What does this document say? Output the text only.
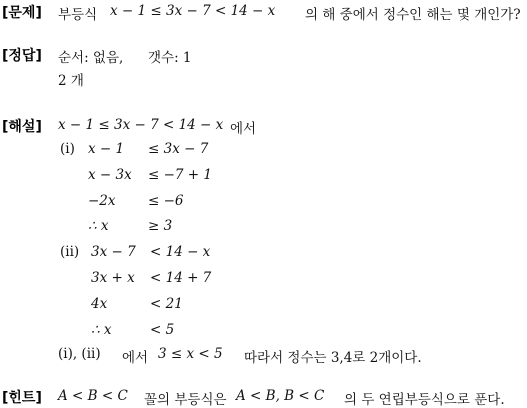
[문제] 부등식 x − 1 ≤ 3x − 7 < 14 − x 의 해 중에서 정수인 해는 몇 개인가?
[정답] 순서: 없음, 갯수: 1
2 개
[해설] x − 1 ≤ 3x − 7 < 14 − x 에서
(i) x − 1 ≤ 3x − 7
x − 3x ≤ −7 + 1
−2x ≤ −6
∴ x	≥ 3
(ii) 3x − 7 < 14 − x
3x + x < 14 + 7
4x	< 21
∴ x	< 5
(i), (ii) 에서 3 ≤ x < 5 따라서 정수는 3,4로 2개이다.
[힌트] A < B < C 꼴의 부등식은 A < B, B < C 의 두 연립부등식으로 푼다.
